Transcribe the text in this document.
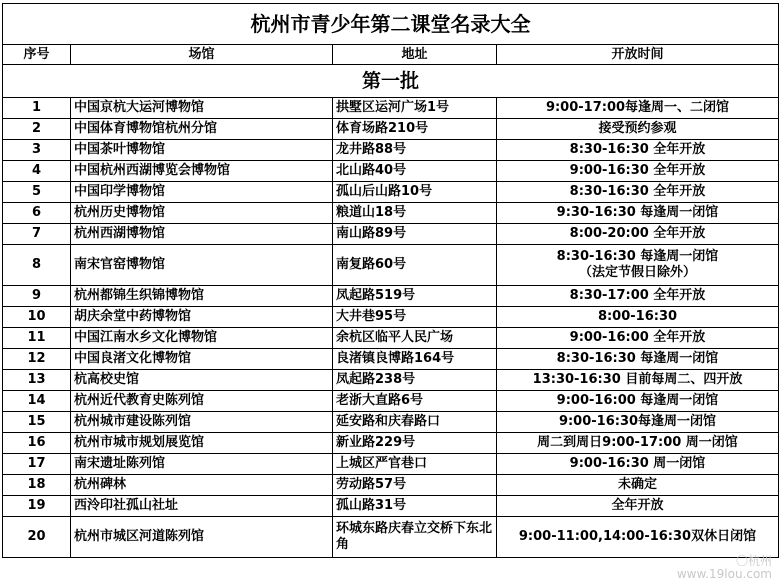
杭州市青少年第二课堂名录大全			
序号	场馆	地址	开放时间
第一批			
1	中国京杭大运河博物馆	拱墅区运河广场1号	9:00-17:00每逢周一、二闭馆
2	中国体育博物馆杭州分馆	体育场路210号	接受预约参观
3	中国茶叶博物馆	龙井路88号	8:30-16:30 全年开放
4	中国杭州西湖博览会博物馆	北山路40号	9:00-16:30 全年开放
5	中国印学博物馆	孤山后山路10号	8:30-16:30 全年开放
6	杭州历史博物馆	粮道山18号	9:30-16:30 每逢周一闭馆
7	杭州西湖博物馆	南山路89号	8:00-20:00 全年开放
8	南宋官窑博物馆	南复路60号	8:30-16:30 每逢周一闭馆
（法定节假日除外）

9	杭州都锦生织锦博物馆	凤起路519号	8:30-17:00 全年开放
10	胡庆余堂中药博物馆	大井巷95号	8:00-16:30
11	中国江南水乡文化博物馆	余杭区临平人民广场	9:00-16:00 全年开放
12	中国良渚文化博物馆	良渚镇良博路164号	8:30-16:30 每逢周一闭馆
13	杭高校史馆	凤起路238号	13:30-16:30 目前每周二、四开放
14	杭州近代教育史陈列馆	老浙大直路6号	9:00-16:00 每逢周一闭馆
15	杭州城市建设陈列馆	延安路和庆春路口	9:00-16:30每逢周一闭馆
16	杭州市城市规划展览馆	新业路229号	周二到周日9:00-17:00 周一闭馆
17	南宋遗址陈列馆	上城区严官巷口	9:00-16:30 周一闭馆
18	杭州碑林	劳动路57号	未确定
19	西泠印社孤山社址	孤山路31号	全年开放
20	杭州市城区河道陈列馆	环城东路庆春立交桥下东北角	9:00-11:00,14:00-16:30双休日闭馆
〇杭州
www.19lou.com
